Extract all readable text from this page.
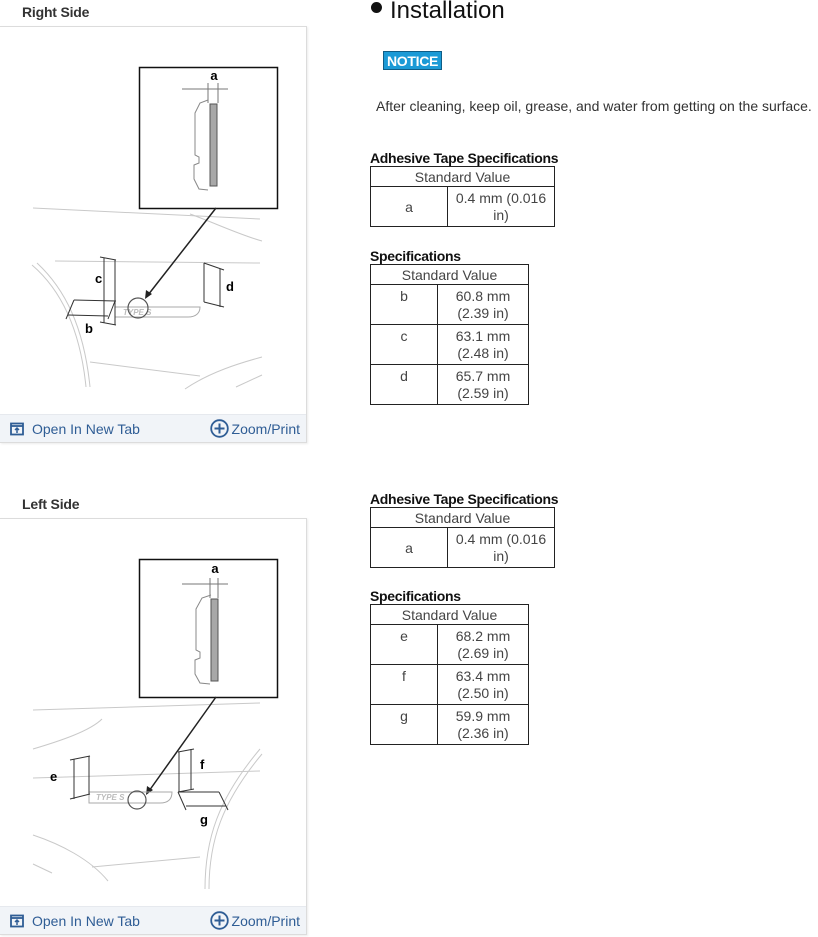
Right Side
a
TYPE S
c
b
d
Open In New Tab	Zoom/Print
Left Side
a
TYPE S
e
f
g
Open In New Tab	Zoom/Print
Installation
NOTICE
After cleaning, keep oil, grease, and water from getting on the surface.
Adhesive Tape Specifications
Standard Value
a	0.4 mm (0.016
in)
Specifications
Standard Value	
b	60.8 mm
(2.39 in)
c	63.1 mm
(2.48 in)
d	65.7 mm
(2.59 in)
Adhesive Tape Specifications
Standard Value
a	0.4 mm (0.016
in)
Specifications
Standard Value	
e	68.2 mm
(2.69 in)
f	63.4 mm
(2.50 in)
g	59.9 mm
(2.36 in)
